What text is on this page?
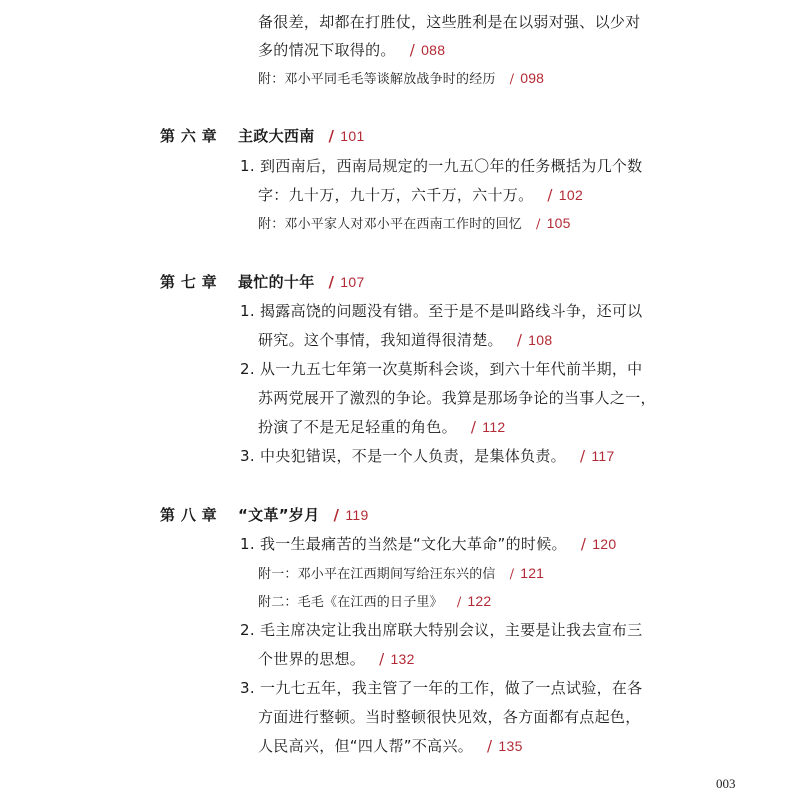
备很差，却都在打胜仗，这些胜利是在以弱对强、以少对
多的情况下取得的。 / 088
附：邓小平同毛毛等谈解放战争时的经历 / 098
第 六 章 主政大西南 / 101
1. 到西南后，西南局规定的一九五〇年的任务概括为几个数
字：九十万，九十万，六千万，六十万。 / 102
附：邓小平家人对邓小平在西南工作时的回忆 / 105
第 七 章 最忙的十年 / 107
1. 揭露高饶的问题没有错。至于是不是叫路线斗争，还可以
研究。这个事情，我知道得很清楚。 / 108
2. 从一九五七年第一次莫斯科会谈，到六十年代前半期，中
苏两党展开了激烈的争论。我算是那场争论的当事人之一，
扮演了不是无足轻重的角色。 / 112
3. 中央犯错误，不是一个人负责，是集体负责。 / 117
第 八 章 “文革”岁月 / 119
1. 我一生最痛苦的当然是“文化大革命”的时候。 / 120
附一：邓小平在江西期间写给汪东兴的信 / 121
附二：毛毛《在江西的日子里》 / 122
2. 毛主席决定让我出席联大特别会议，主要是让我去宣布三
个世界的思想。 / 132
3. 一九七五年，我主管了一年的工作，做了一点试验，在各
方面进行整顿。当时整顿很快见效，各方面都有点起色，
人民高兴，但“四人帮”不高兴。 / 135
003
